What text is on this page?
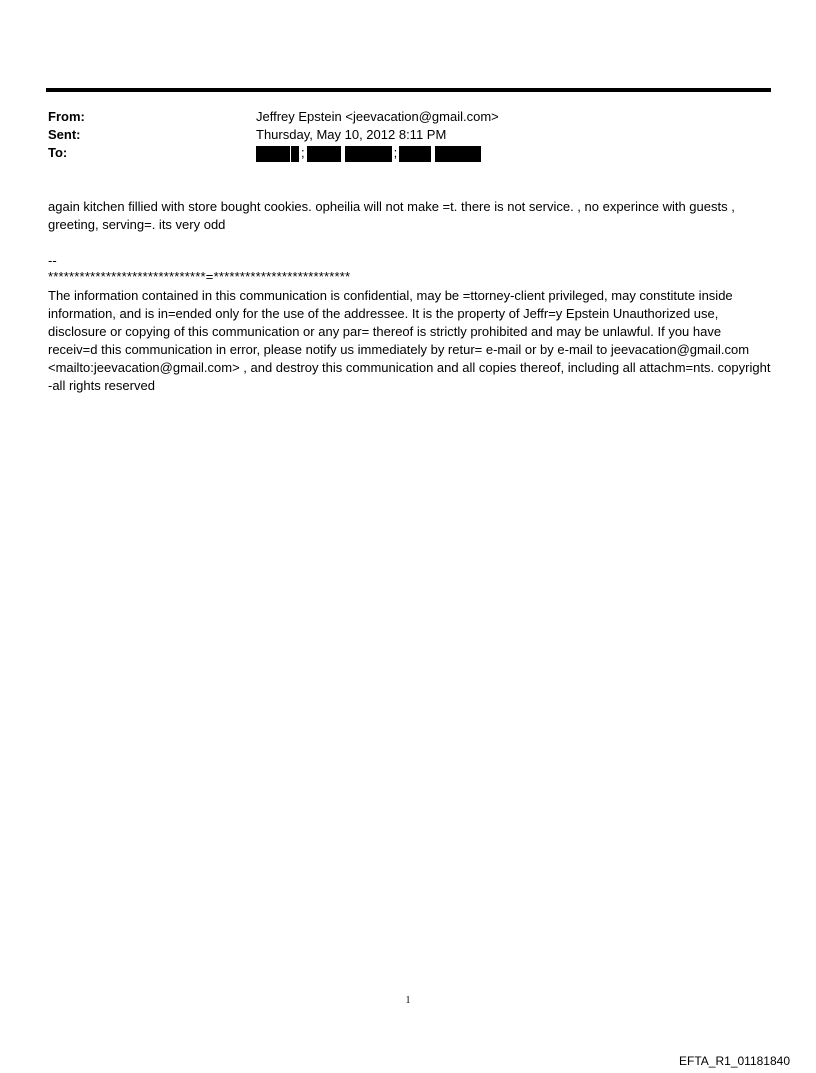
From:	Jeffrey Epstein <jeevacation@gmail.com>
Sent:	Thursday, May 10, 2012 8:11 PM
To:	;	;

again kitchen fillied with store bought cookies. opheilia will not make =t. there is not service. , no experince with guests , greeting, serving=. its very odd

--
******************************=**************************
The information contained in this communication is confidential, may be =ttorney-client privileged, may constitute inside information, and is in=ended only for the use of the addressee. It is the property of Jeffr=y Epstein Unauthorized use, disclosure or copying of this communication or any par= thereof is strictly prohibited and may be unlawful. If you have receiv=d this communication in error, please notify us immediately by retur= e-mail or by e-mail to jeevacation@gmail.com <mailto:jeevacation@gmail.com> , and destroy this communication and all copies thereof, including all attachm=nts. copyright -all rights reserved
1
EFTA_R1_01181840
